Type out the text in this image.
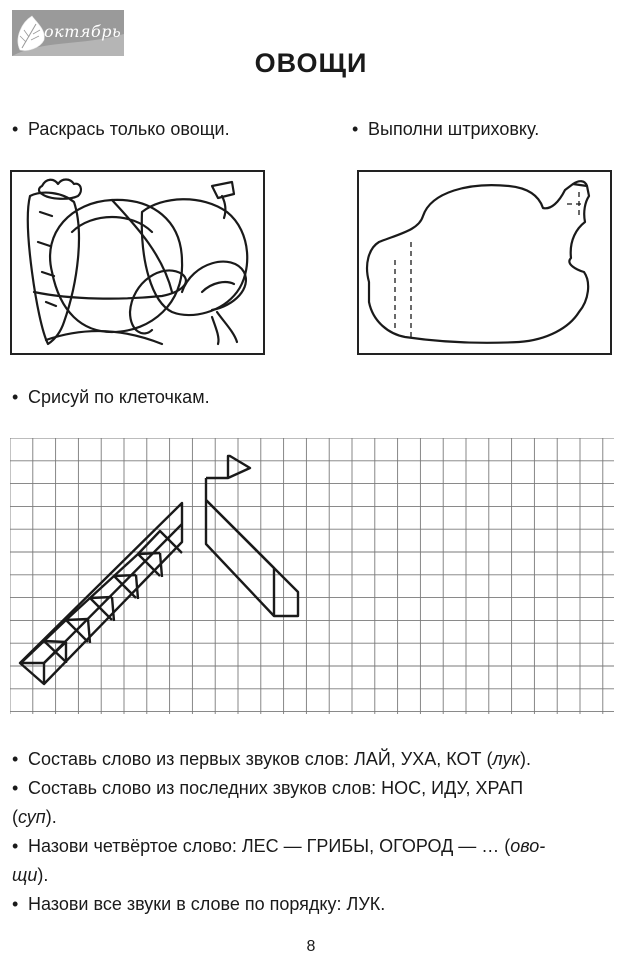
октябрь
ОВОЩИ
• Раскрась только овощи.	• Выполни штриховку.
• Срисуй по клеточкам.

• Составь слово из первых звуков слов: ЛАЙ, УХА, КОТ (лук).

• Составь слово из последних звуков слов: НОС, ИДУ, ХРАП
(суп).

• Назови четвёртое слово: ЛЕС — ГРИБЫ, ОГОРОД — … (ово-
щи).

• Назови все звуки в слове по порядку: ЛУК.

8
